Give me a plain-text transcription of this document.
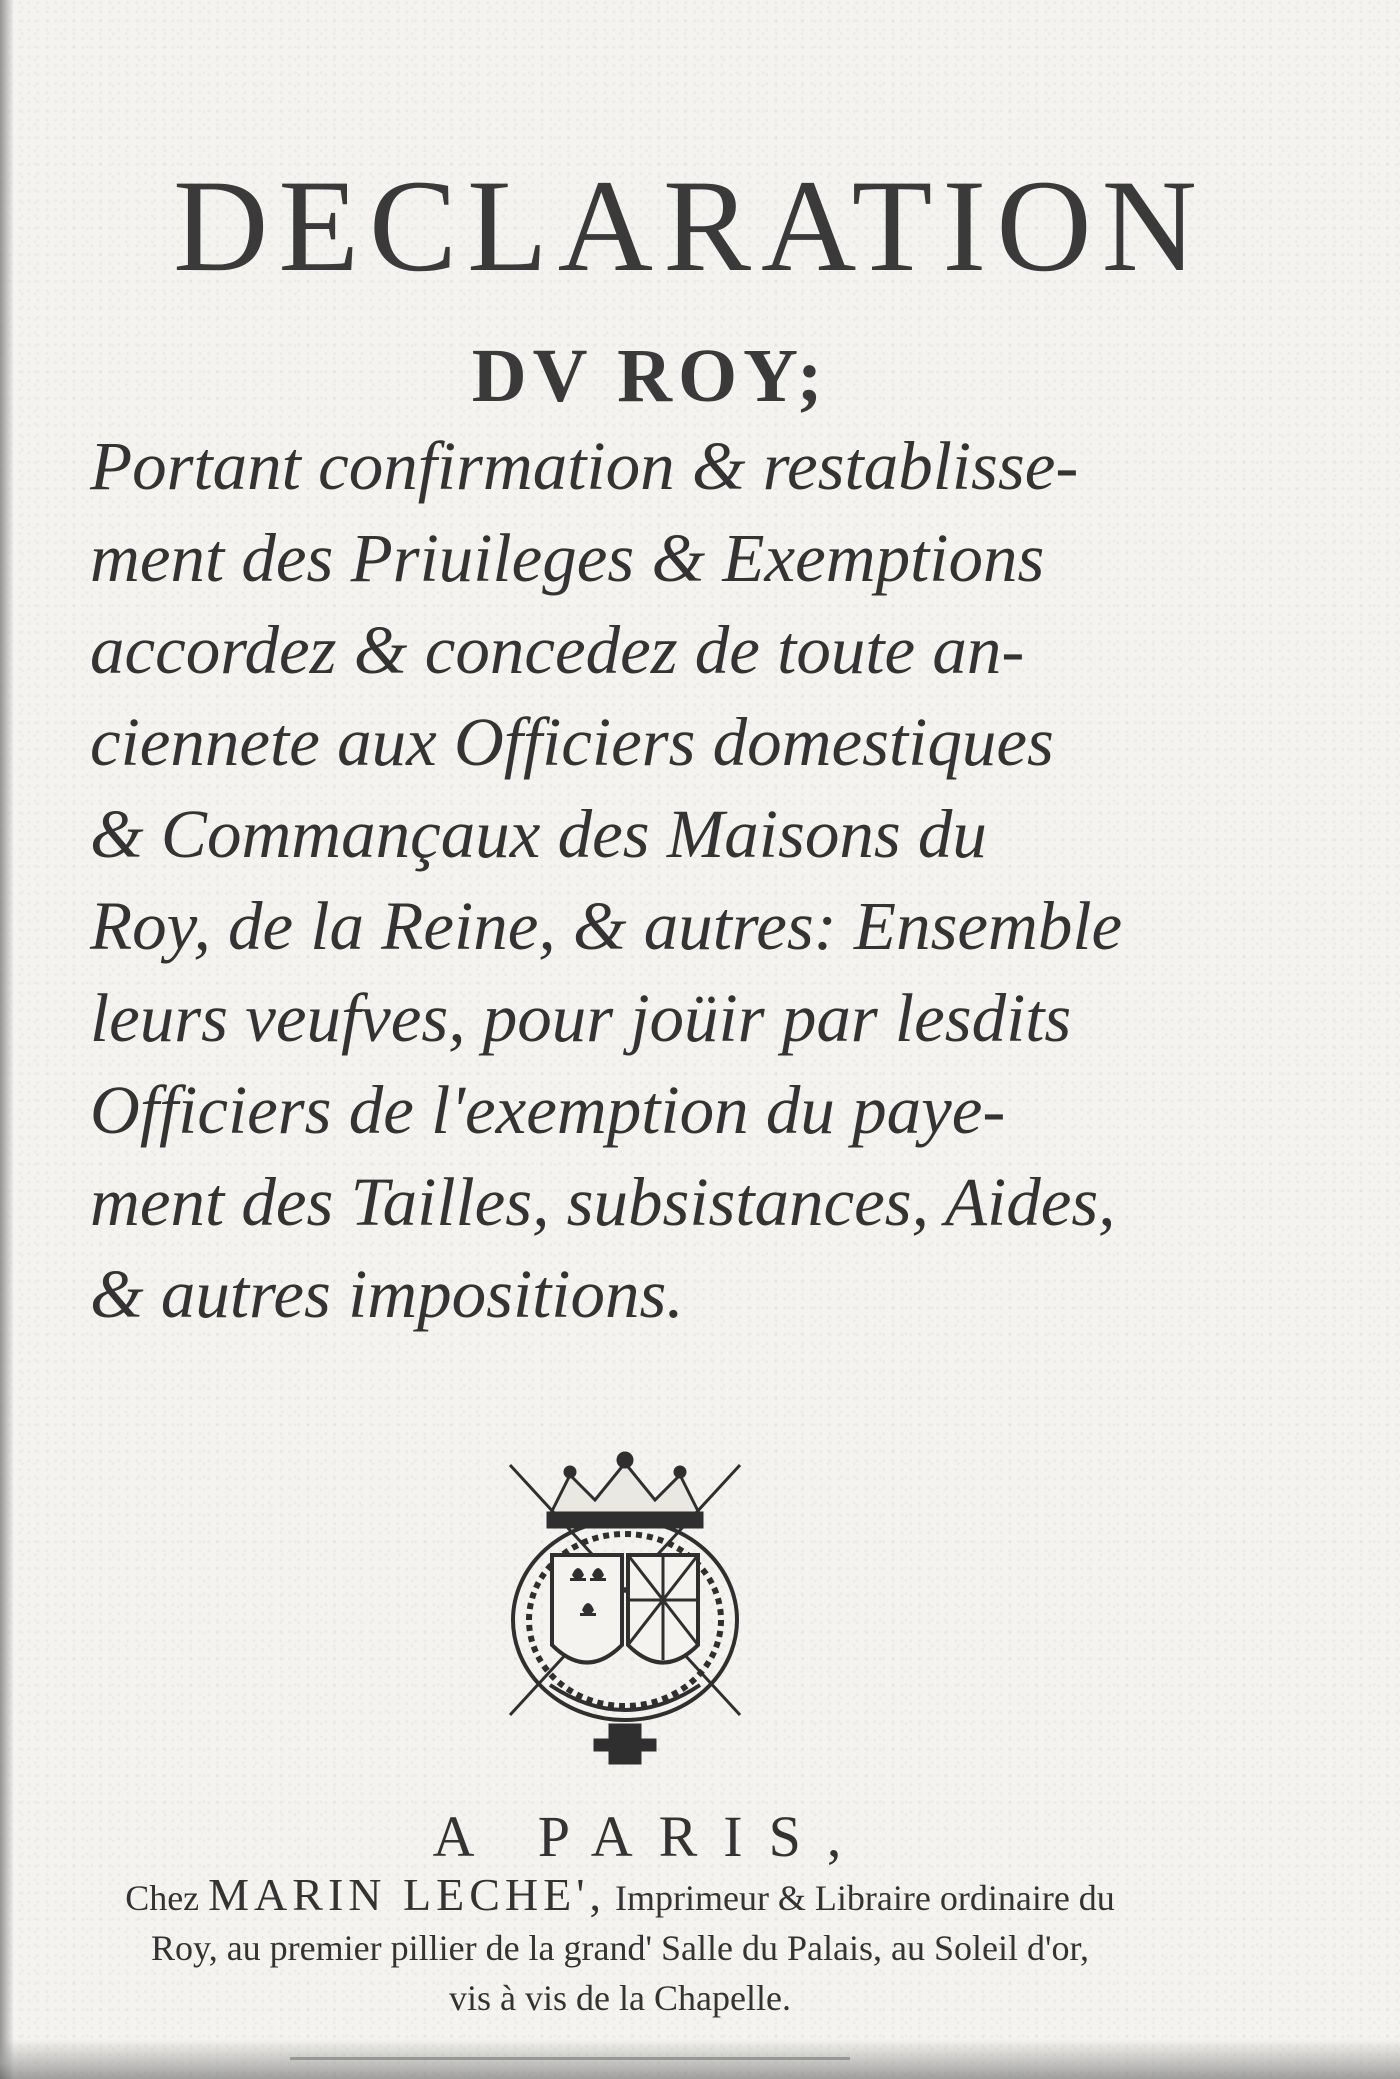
DECLARATION
DV ROY;

Portant confirmation & restablisse-
ment des Priuileges & Exemptions
accordez & concedez de toute an-
ciennete aux Officiers domestiques
& Commançaux des Maisons du
Roy, de la Reine, & autres: Ensemble
leurs veufves, pour joüir par lesdits
Officiers de l'exemption du paye-
ment des Tailles, subsistances, Aides,
& autres impositions.

A PARIS,

Chez MARIN LECHE', Imprimeur & Libraire ordinaire du
Roy, au premier pillier de la grand' Salle du Palais, au Soleil d'or,
vis à vis de la Chapelle.
